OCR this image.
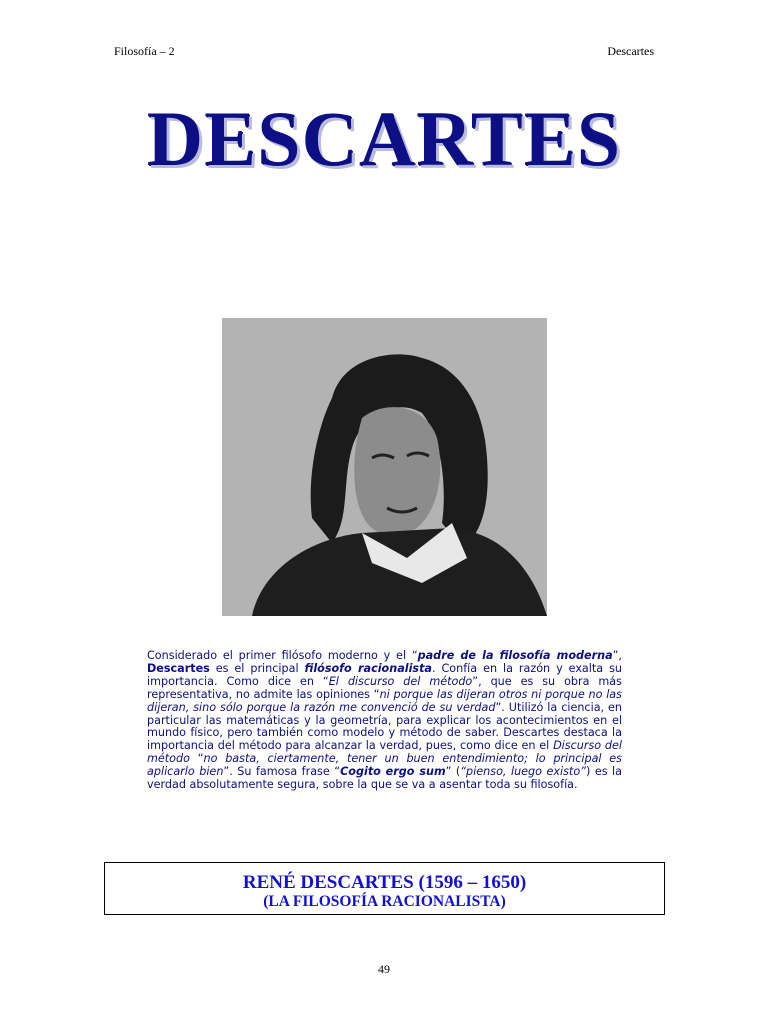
Filosofía – 2	Descartes
DESCARTES
Considerado el primer filósofo moderno y el “padre de la filosofía moderna”, Descartes es el principal filósofo racionalista. Confía en la razón y exalta su importancia. Como dice en “El discurso del método”, que es su obra más representativa, no admite las opiniones “ni porque las dijeran otros ni porque no las dijeran, sino sólo porque la razón me convenció de su verdad”. Utilizó la ciencia, en particular las matemáticas y la geometría, para explicar los acontecimientos en el mundo físico, pero también como modelo y método de saber. Descartes destaca la importancia del método para alcanzar la verdad, pues, como dice en el Discurso del método “no basta, ciertamente, tener un buen entendimiento; lo principal es aplicarlo bien”. Su famosa frase “Cogito ergo sum” (“pienso, luego existo”) es la verdad absolutamente segura, sobre la que se va a asentar toda su filosofía.
RENÉ DESCARTES (1596 – 1650)
(LA FILOSOFÍA RACIONALISTA)
49
